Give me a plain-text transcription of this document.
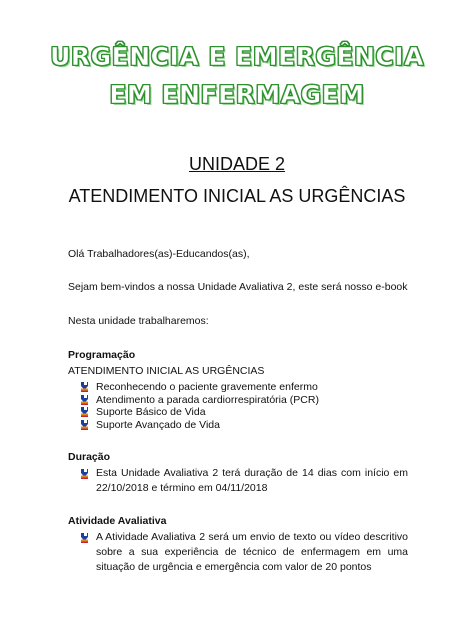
URGÊNCIA E EMERGÊNCIA
EM ENFERMAGEM
UNIDADE 2
ATENDIMENTO INICIAL AS URGÊNCIAS
Olá Trabalhadores(as)-Educandos(as),
Sejam bem-vindos a nossa Unidade Avaliativa 2, este será nosso e-book
Nesta unidade trabalharemos:
Programação
ATENDIMENTO INICIAL AS URGÊNCIAS
Reconhecendo o paciente gravemente enfermo
Atendimento a parada cardiorrespiratória (PCR)
Suporte Básico de Vida
Suporte Avançado de Vida
Duração
Esta Unidade Avaliativa 2 terá duração de 14 dias com início em 22/10/2018 e término em 04/11/2018
Atividade Avaliativa
A Atividade Avaliativa 2 será um envio de texto ou vídeo descritivo sobre a sua experiência de técnico de enfermagem em uma situação de urgência e emergência com valor de 20 pontos
